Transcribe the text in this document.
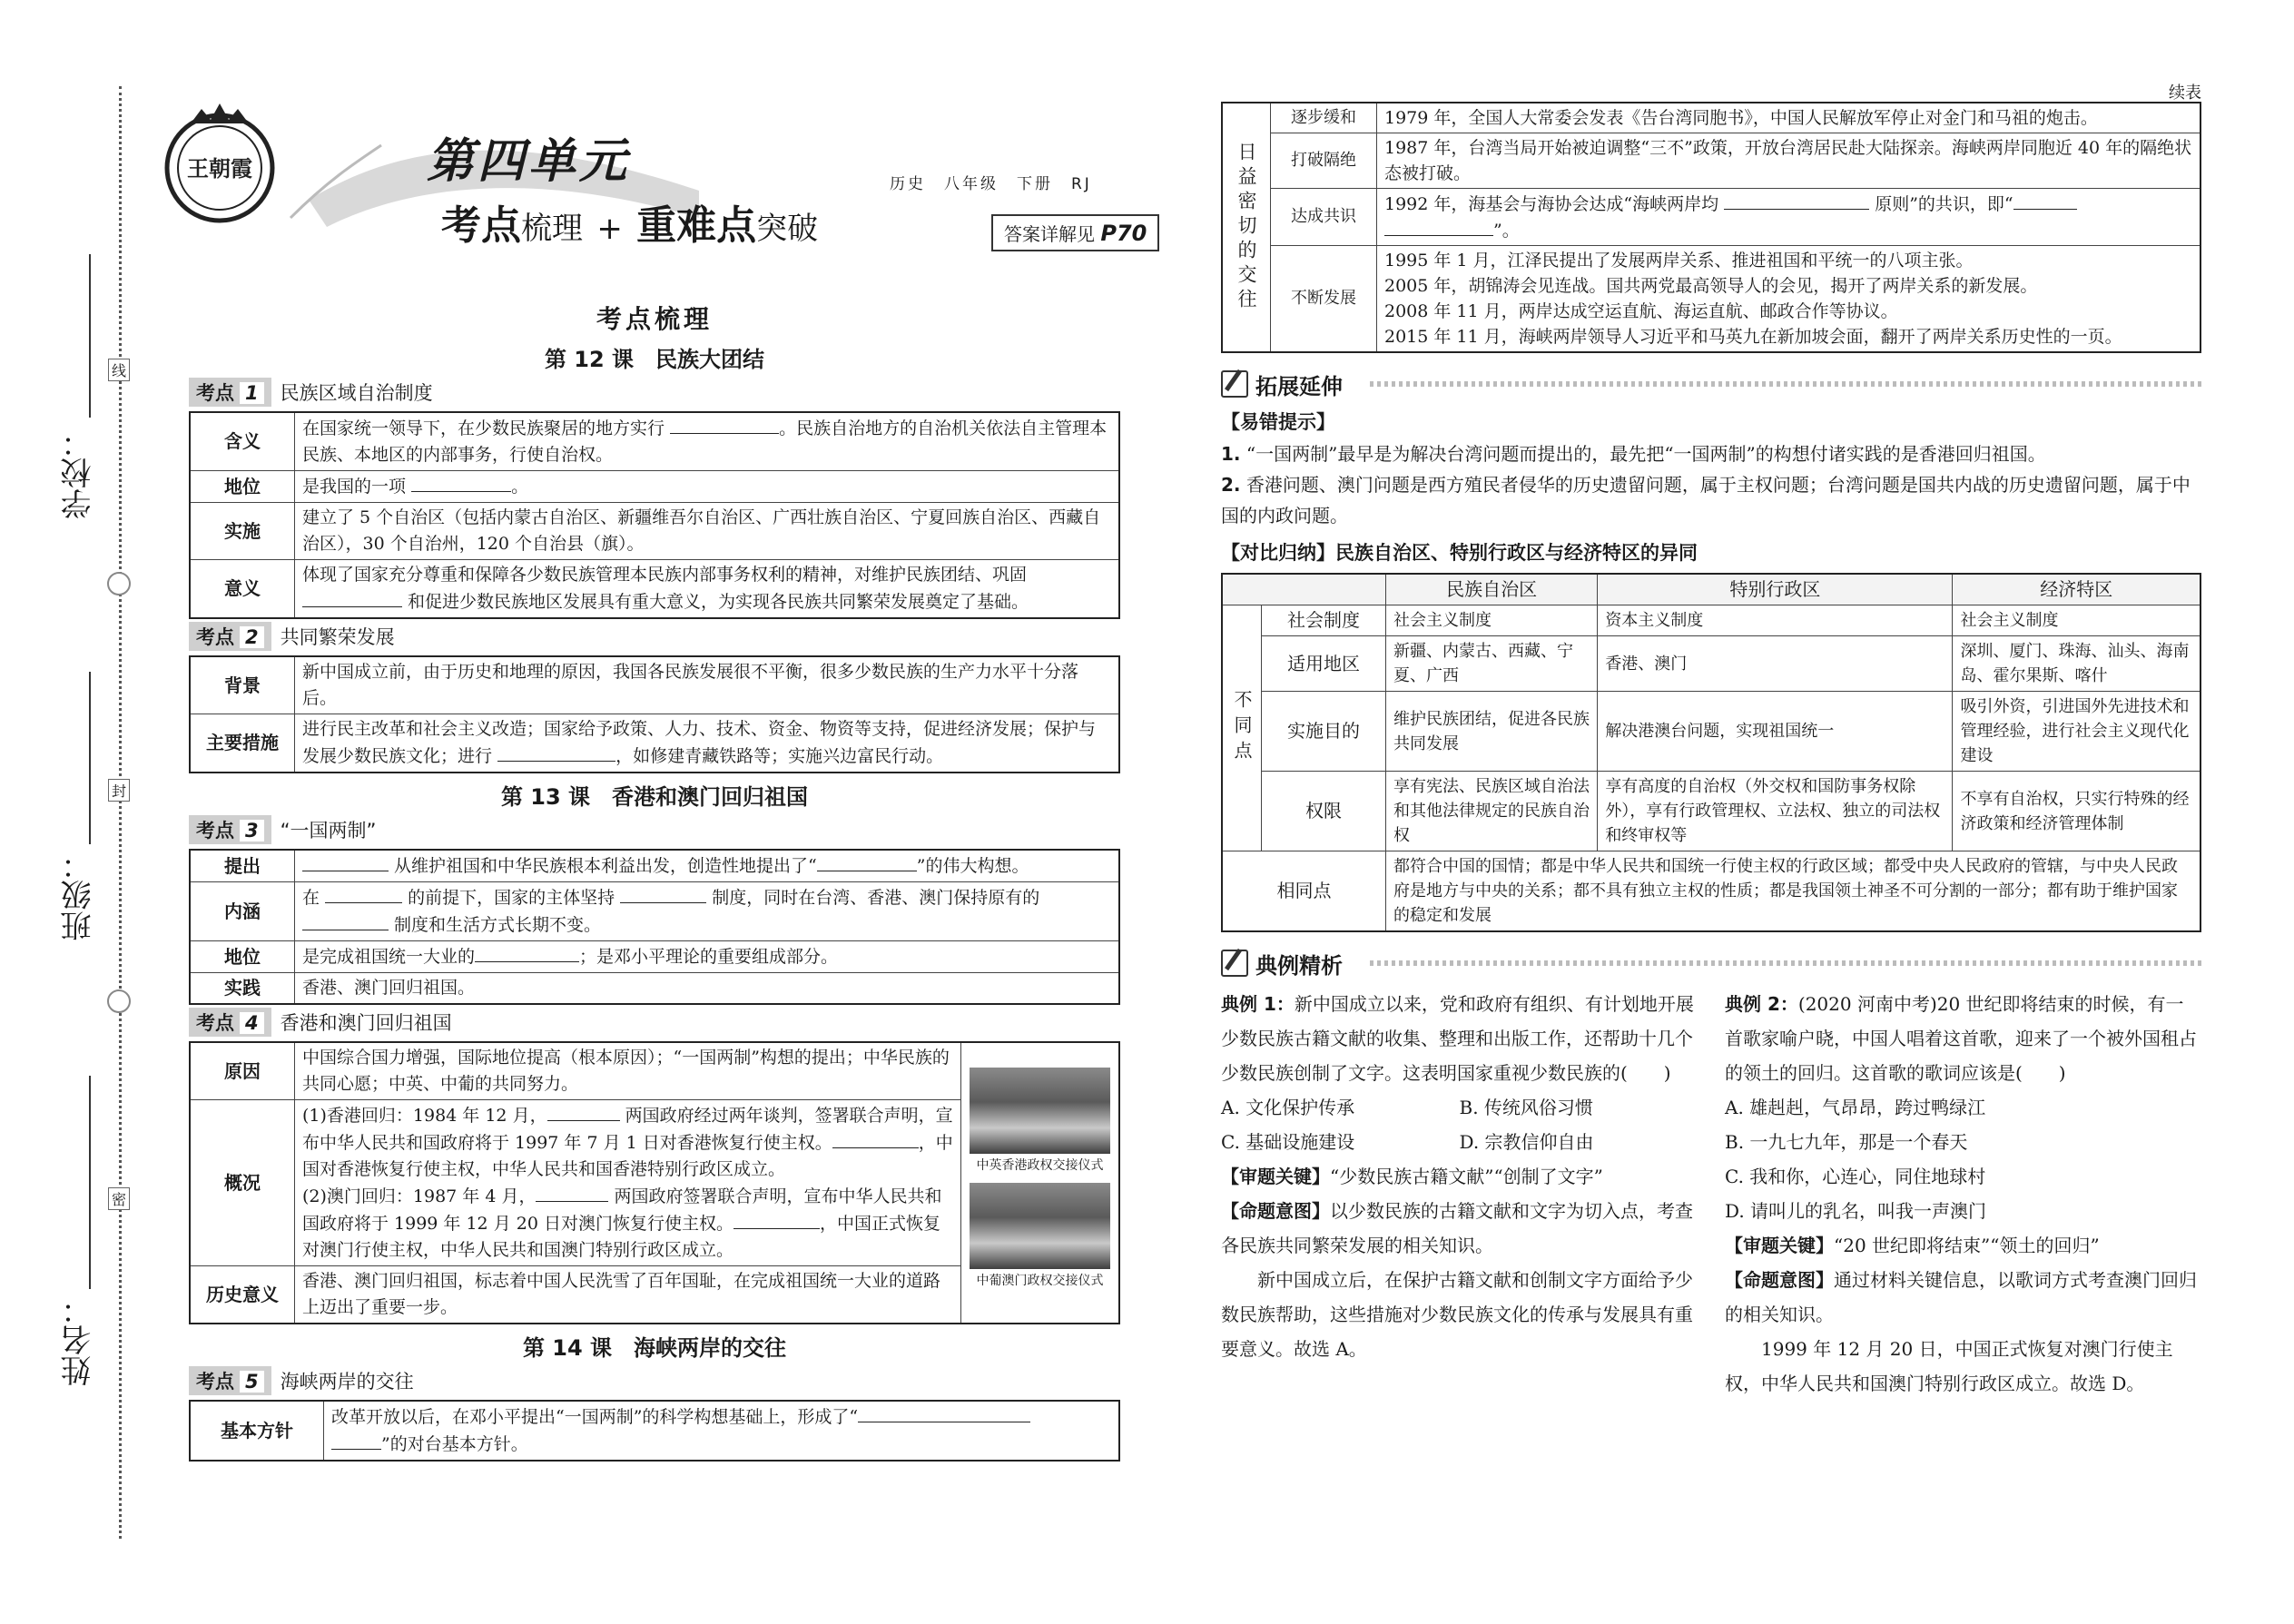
学校：
班级：
姓名：
线
封
密
王朝霞	第四单元
考点梳理 + 重难点突破
历史　八年级　下册　RJ
答案详解见 P70
考点梳理
第 12 课　民族大团结
考点 1	民族区域自治制度
含义	在国家统一领导下，在少数民族聚居的地方实行 。民族自治地方的自治机关依法自主管理本民族、本地区的内部事务，行使自治权。
地位	是我国的一项 。
实施	建立了 5 个自治区（包括内蒙古自治区、新疆维吾尔自治区、广西壮族自治区、宁夏回族自治区、西藏自治区），30 个自治州，120 个自治县（旗）。
意义	体现了国家充分尊重和保障各少数民族管理本民族内部事务权利的精神，对维护民族团结、巩固  和促进少数民族地区发展具有重大意义，为实现各民族共同繁荣发展奠定了基础。
考点 2	共同繁荣发展
背景	新中国成立前，由于历史和地理的原因，我国各民族发展很不平衡，很多少数民族的生产力水平十分落后。
主要措施	进行民主改革和社会主义改造；国家给予政策、人力、技术、资金、物资等支持，促进经济发展；保护与发展少数民族文化；进行 ，如修建青藏铁路等；实施兴边富民行动。
第 13 课　香港和澳门回归祖国
考点 3	“一国两制”
提出	从维护祖国和中华民族根本利益出发，创造性地提出了“ ”的伟大构想。
内涵	在 的前提下，国家的主体坚持 制度，同时在台湾、香港、澳门保持原有的  制度和生活方式长期不变。
地位	是完成祖国统一大业的 ；是邓小平理论的重要组成部分。
实践	香港、澳门回归祖国。
考点 4	香港和澳门回归祖国
原因	中国综合国力增强，国际地位提高（根本原因）；“一国两制”构想的提出；中华民族的共同心愿；中英、中葡的共同努力。	中英香港政权交接仪式
中葡澳门政权交接仪式

概况	(1)香港回归：1984 年 12 月， 两国政府经过两年谈判，签署联合声明，宣布中华人民共和国政府将于 1997 年 7 月 1 日对香港恢复行使主权。 ，中国对香港恢复行使主权，中华人民共和国香港特别行政区成立。
(2)澳门回归：1987 年 4 月， 两国政府签署联合声明，宣布中华人民共和国政府将于 1999 年 12 月 20 日对澳门恢复行使主权。 ，中国正式恢复对澳门行使主权，中华人民共和国澳门特别行政区成立。	
历史意义	香港、澳门回归祖国，标志着中国人民洗雪了百年国耻，在完成祖国统一大业的道路上迈出了重要一步。	
第 14 课　海峡两岸的交往
考点 5	海峡两岸的交往
基本方针	改革开放以后，在邓小平提出“一国两制”的科学构想基础上，形成了“
”的对台基本方针。
续表
日益密切的交往	逐步缓和	1979 年，全国人大常委会发表《告台湾同胞书》，中国人民解放军停止对金门和马祖的炮击。
	打破隔绝	1987 年，台湾当局开始被迫调整“三不”政策，开放台湾居民赴大陆探亲。海峡两岸同胞近 40 年的隔绝状态被打破。
	达成共识	1992 年，海基会与海协会达成“海峡两岸均 原则”的共识，即“
”。
	不断发展	1995 年 1 月，江泽民提出了发展两岸关系、推进祖国和平统一的八项主张。
2005 年，胡锦涛会见连战。国共两党最高领导人的会见，揭开了两岸关系的新发展。
2008 年 11 月，两岸达成空运直航、海运直航、邮政合作等协议。
2015 年 11 月，海峡两岸领导人习近平和马英九在新加坡会面，翻开了两岸关系历史性的一页。
拓展延伸
【易错提示】

1. “一国两制”最早是为解决台湾问题而提出的，最先把“一国两制”的构想付诸实践的是香港回归祖国。

2. 香港问题、澳门问题是西方殖民者侵华的历史遗留问题，属于主权问题；台湾问题是国共内战的历史遗留问题，属于中国的内政问题。

【对比归纳】民族自治区、特别行政区与经济特区的异同
		民族自治区	特别行政区	经济特区

不同点	社会制度	社会主义制度	资本主义制度	社会主义制度
	适用地区	新疆、内蒙古、西藏、宁夏、广西	香港、澳门	深圳、厦门、珠海、汕头、海南岛、霍尔果斯、喀什
	实施目的	维护民族团结，促进各民族共同发展	解决港澳台问题，实现祖国统一	吸引外资，引进国外先进技术和管理经验，进行社会主义现代化建设
	权限	享有宪法、民族区域自治法和其他法律规定的民族自治权	享有高度的自治权（外交权和国防事务权除外），享有行政管理权、立法权、独立的司法权和终审权等	不享有自治权，只实行特殊的经济政策和经济管理体制
相同点		都符合中国的国情；都是中华人民共和国统一行使主权的行政区域；都受中央人民政府的管辖，与中央人民政府是地方与中央的关系；都不具有独立主权的性质；都是我国领土神圣不可分割的一部分；都有助于维护国家的稳定和发展		
典例精析
典例 1：新中国成立以来，党和政府有组织、有计划地开展少数民族古籍文献的收集、整理和出版工作，还帮助十几个少数民族创制了文字。这表明国家重视少数民族的(　　)
A. 文化保护传承	B. 传统风俗习惯
C. 基础设施建设	D. 宗教信仰自由
【审题关键】“少数民族古籍文献”“创制了文字”
【命题意图】以少数民族的古籍文献和文字为切入点，考查各民族共同繁荣发展的相关知识。
新中国成立后，在保护古籍文献和创制文字方面给予少数民族帮助，这些措施对少数民族文化的传承与发展具有重要意义。故选 A。
典例 2：(2020 河南中考)20 世纪即将结束的时候，有一首歌家喻户晓，中国人唱着这首歌，迎来了一个被外国租占的领土的回归。这首歌的歌词应该是(　　)
A. 雄赳赳，气昂昂，跨过鸭绿江
B. 一九七九年，那是一个春天
C. 我和你，心连心，同住地球村
D. 请叫儿的乳名，叫我一声澳门
【审题关键】“20 世纪即将结束”“领土的回归”
【命题意图】通过材料关键信息，以歌词方式考查澳门回归的相关知识。
1999 年 12 月 20 日，中国正式恢复对澳门行使主权，中华人民共和国澳门特别行政区成立。故选 D。
